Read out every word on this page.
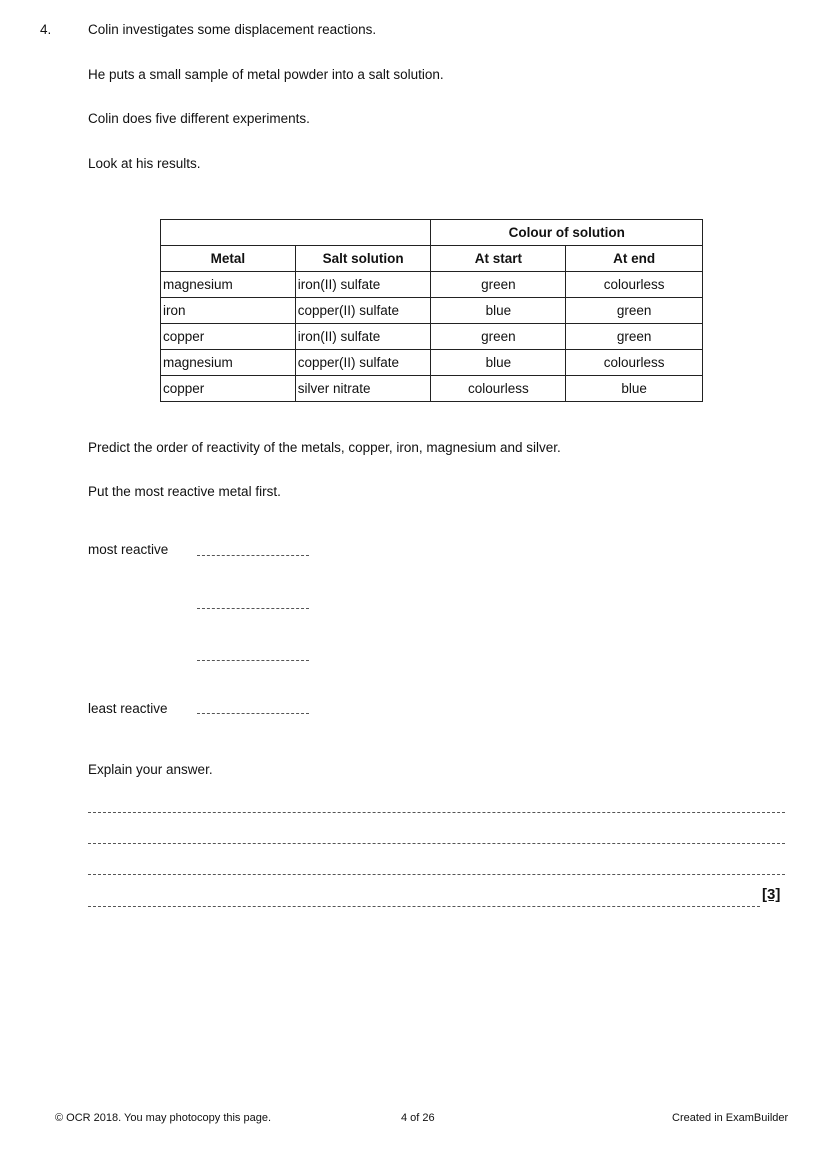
4.	Colin investigates some displacement reactions.
He puts a small sample of metal powder into a salt solution.
Colin does five different experiments.
Look at his results.
		Colour of solution	
Metal	Salt solution	At start	At end
magnesium	iron(II) sulfate	green	colourless
iron	copper(II) sulfate	blue	green
copper	iron(II) sulfate	green	green
magnesium	copper(II) sulfate	blue	colourless
copper	silver nitrate	colourless	blue
Predict the order of reactivity of the metals, copper, iron, magnesium and silver.
Put the most reactive metal first.
most reactive
least reactive
Explain your answer.
[3]
© OCR 2018. You may photocopy this page.	4 of 26	Created in ExamBuilder
